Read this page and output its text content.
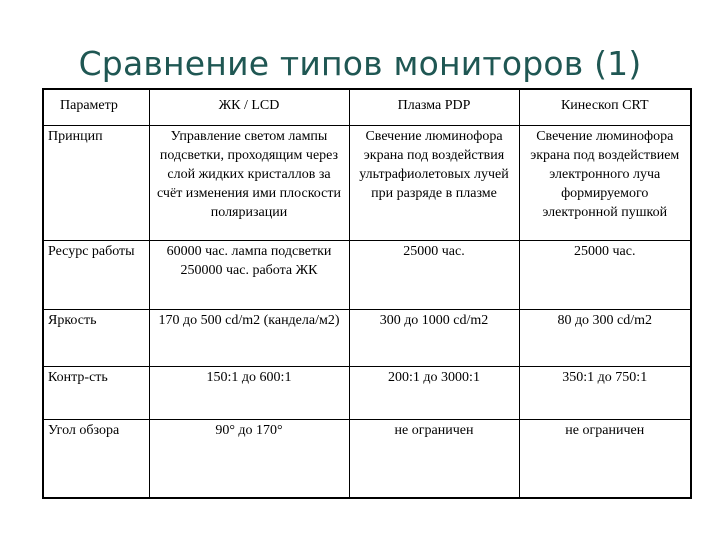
Сравнение типов мониторов (1)
Параметр	ЖК / LCD	Плазма PDP	Кинескоп CRT
Принцип	Управление светом лампы подсветки, проходящим через слой жидких кристаллов за счёт изменения ими плоскости поляризации	Свечение люминофора экрана под воздействия ультрафиолетовых лучей при разряде в плазме	Свечение люминофора экрана под воздействием электронного луча формируемого электронной пушкой
Ресурс работы	60000 час. лампа подсветки 250000 час. работа ЖК	25000 час.	25000 час.
Яркость	170 до 500 cd/m2 (кандела/м2)	300 до 1000 cd/m2	80 до 300 cd/m2
Контр-сть	150:1 до 600:1	200:1 до 3000:1	350:1 до 750:1
Угол обзора	90° до 170°	не ограничен	не ограничен
